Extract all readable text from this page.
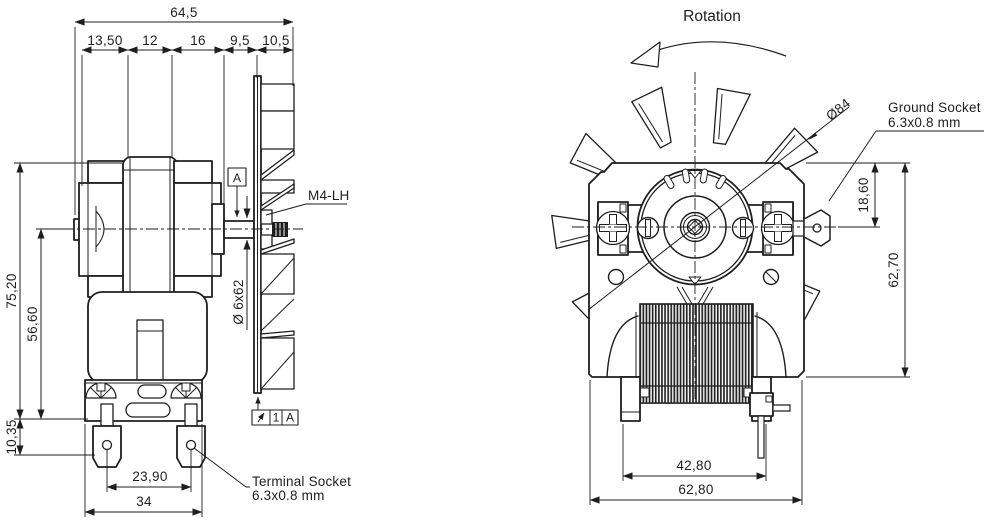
64,5
13,50 12 16 9,5 10,5
75,20
56,60
10,35
23,90
34
Ø 6x62
A
M4-LH
1 A
Terminal Socket
6.3x0.8 mm
Rotation
Ø84	Ground Socket
6.3x0.8 mm
18,60
62,70
42,80
62,80
